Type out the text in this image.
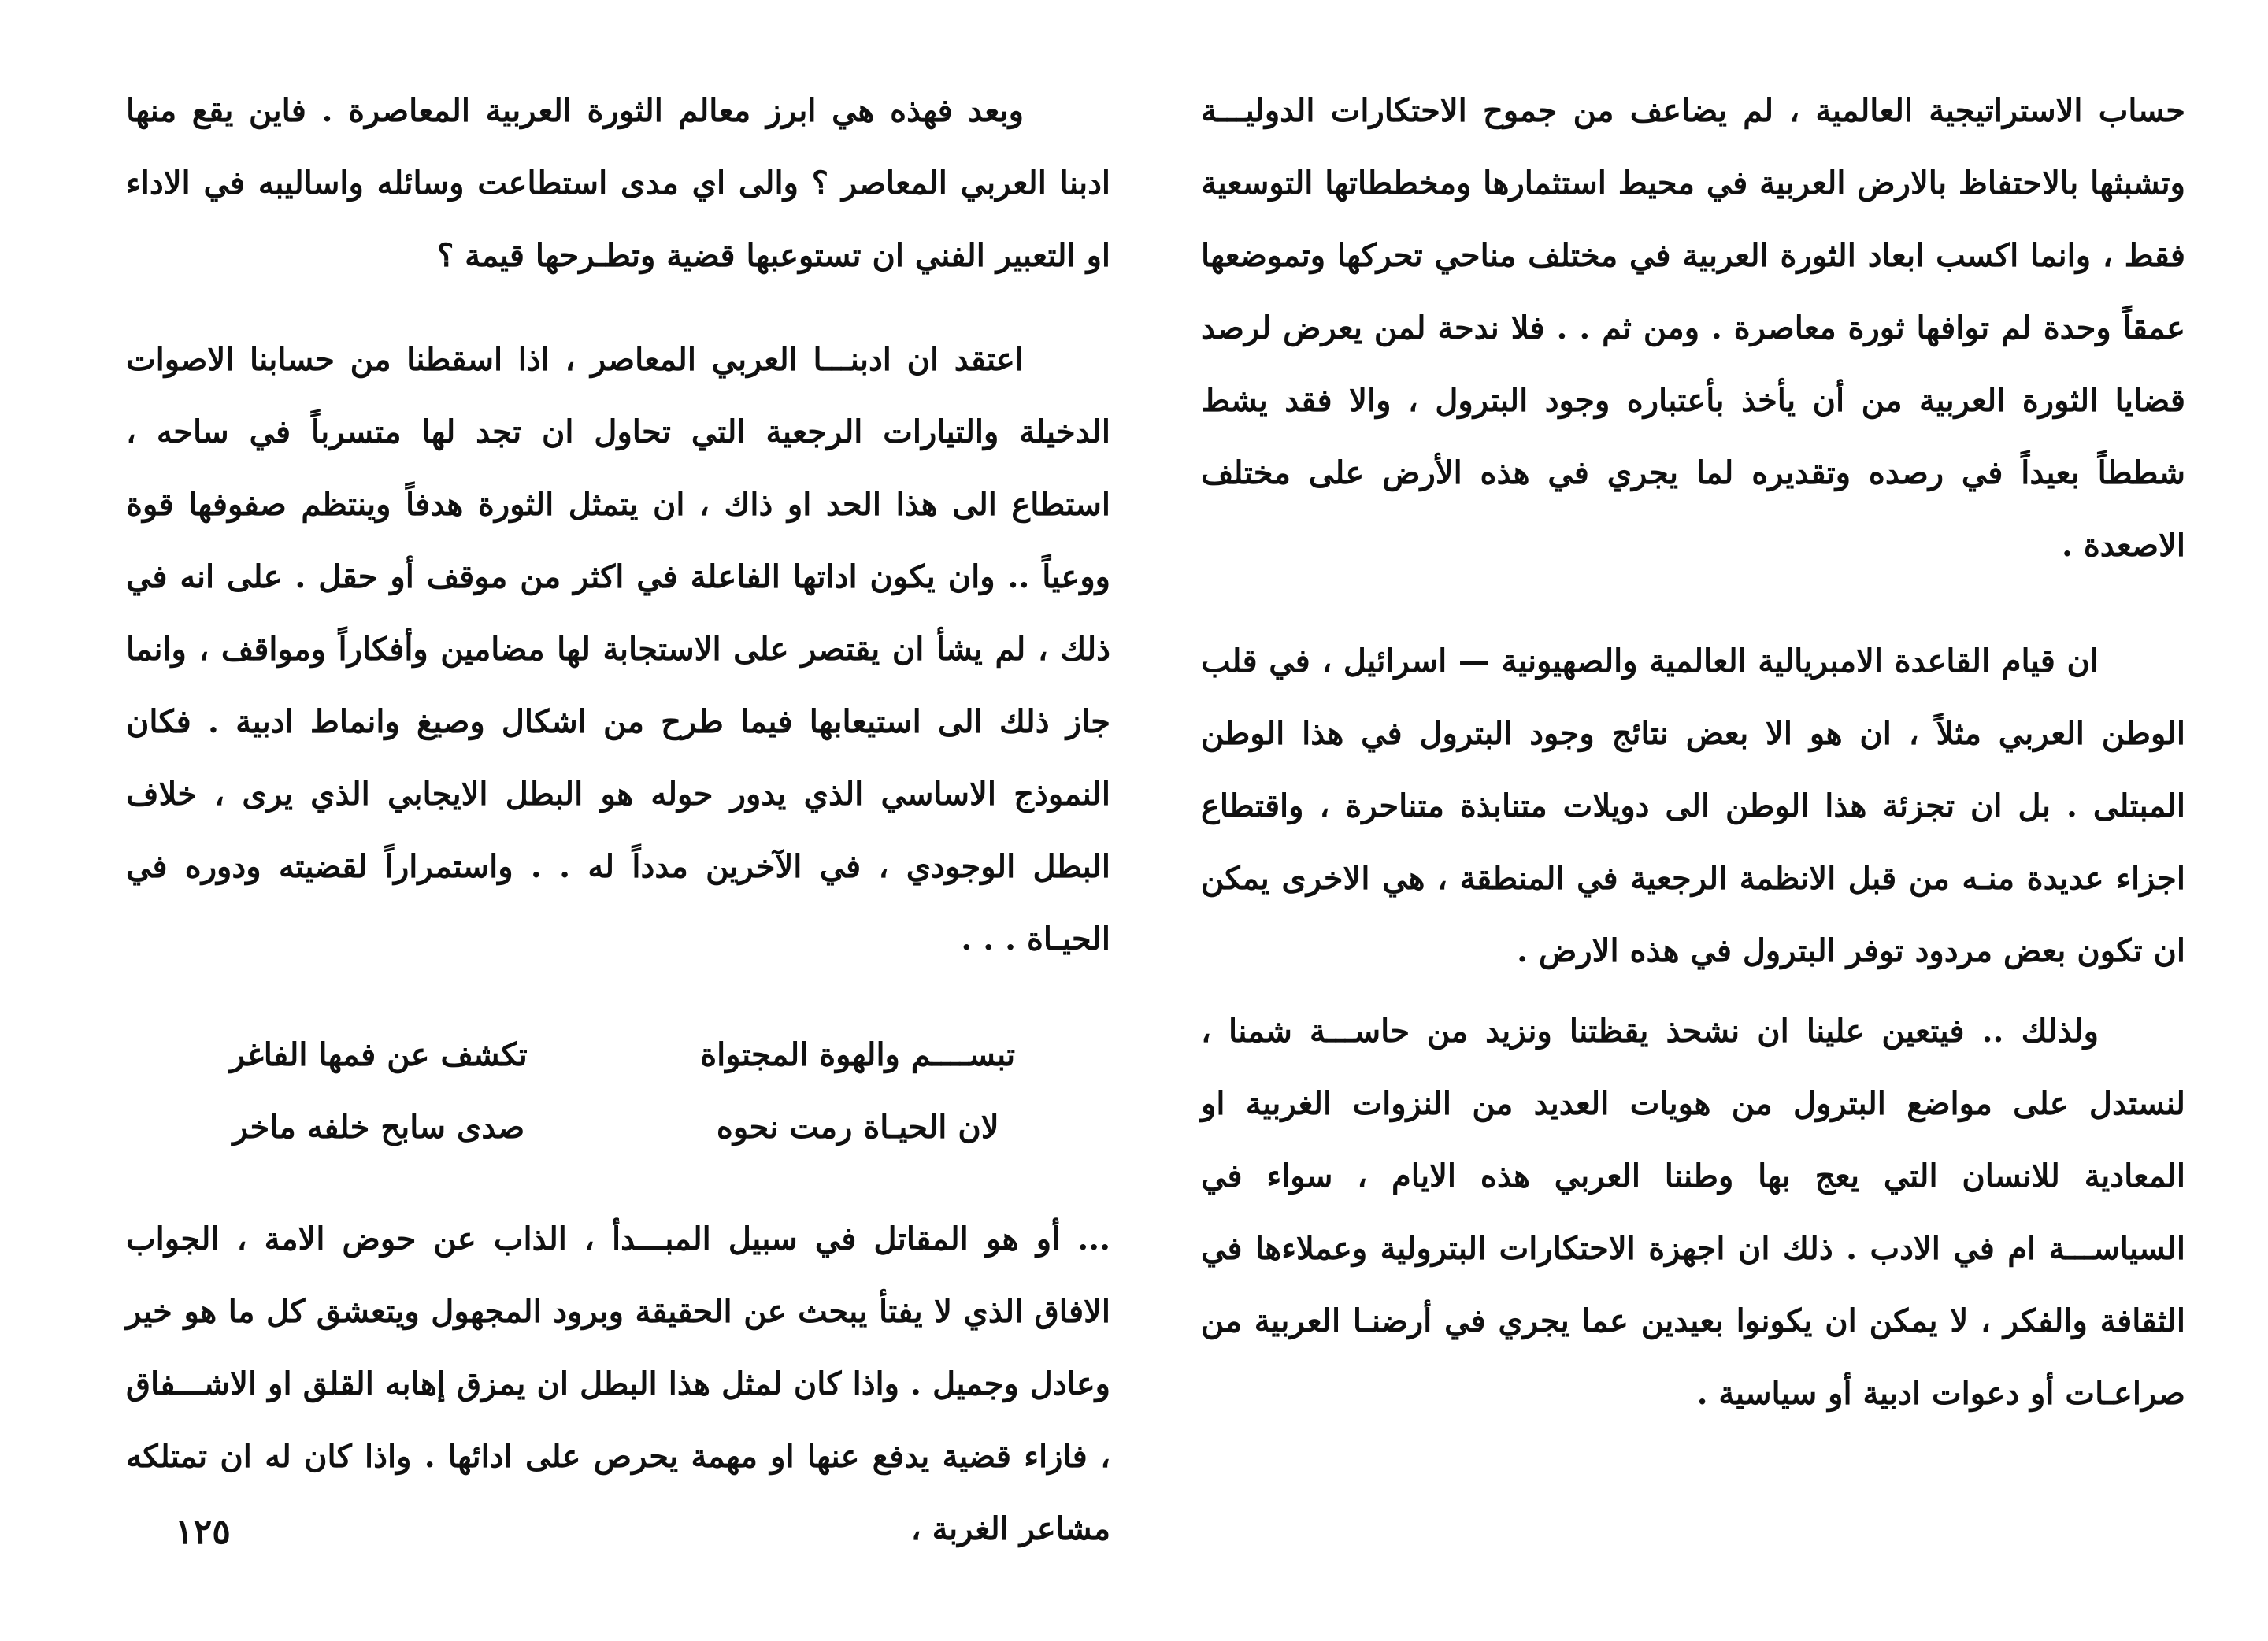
حساب الاستراتيجية العالمية ، لم يضاعف من جموح الاحتكارات الدوليـــة وتشبثها بالاحتفاظ بالارض العربية في محيط استثمارها ومخططاتها التوسعية فقط ، وانما اكسب ابعاد الثورة العربية في مختلف مناحي تحركها وتموضعها عمقاً وحدة لم توافها ثورة معاصرة . ومن ثم . . فلا ندحة لمن يعرض لرصد قضايا الثورة العربية من أن يأخذ بأعتباره وجود البترول ، والا فقد يشط شططاً بعيداً في رصده وتقديره لما يجري في هذه الأرض على مختلف الاصعدة .

ان قيام القاعدة الامبريالية العالمية والصهيونية — اسرائيل ، في قلب الوطن العربي مثلاً ، ان هو الا بعض نتائج وجود البترول في هذا الوطن المبتلى . بل ان تجزئة هذا الوطن الى دويلات متنابذة متناحرة ، واقتطاع اجزاء عديدة منـه من قبل الانظمة الرجعية في المنطقة ، هي الاخرى يمكن ان تكون بعض مردود توفر البترول في هذه الارض .

ولذلك .. فيتعين علينا ان نشحذ يقظتنا ونزيد من حاســـة شمنا ، لنستدل على مواضع البترول من هويات العديد من النزوات الغربية او المعادية للانسان التي يعج بها وطننا العربي هذه الايام ، سواء في السياســـة ام في الادب . ذلك ان اجهزة الاحتكارات البترولية وعملاءها في الثقافة والفكر ، لا يمكن ان يكونوا بعيدين عما يجري في أرضنـا العربية من صراعـات أو دعوات ادبية أو سياسية .

وبعد فهذه هي ابرز معالم الثورة العربية المعاصرة . فاين يقع منها ادبنا العربي المعاصر ؟ والى اي مدى استطاعت وسائله واساليبه في الاداء او التعبير الفني ان تستوعبها قضية وتطـرحها قيمة ؟

اعتقد ان ادبنـــا العربي المعاصر ، اذا اسقطنا من حسابنا الاصوات الدخيلة والتيارات الرجعية التي تحاول ان تجد لها متسرباً في ساحه ، استطاع الى هذا الحد او ذاك ، ان يتمثل الثورة هدفاً وينتظم صفوفها قوة ووعياً .. وان يكون اداتها الفاعلة في اكثر من موقف أو حقل . على انه في ذلك ، لم يشأ ان يقتصر على الاستجابة لها مضامين وأفكاراً ومواقف ، وانما جاز ذلك الى استيعابها فيما طرح من اشكال وصيغ وانماط ادبية . فكان النموذج الاساسي الذي يدور حوله هو البطل الايجابي الذي يرى ، خلاف البطل الوجودي ، في الآخرين مدداً له . . واستمراراً لقضيته ودوره في الحيـاة . . .

تبســــم والهوة المجتواة
تكشف عن فمها الفاغر
لان الحيـاة رمت نحوه
صدى سابح خلفه ماخر

... أو هو المقاتل في سبيل المبـــدأ ، الذاب عن حوض الامة ، الجواب الافاق الذي لا يفتأ يبحث عن الحقيقة وبرود المجهول ويتعشق كل ما هو خير وعادل وجميل . واذا كان لمثل هذا البطل ان يمزق إهابه القلق او الاشـــفاق ، فازاء قضية يدفع عنها او مهمة يحرص على ادائها . واذا كان له ان تمتلكه مشاعر الغربة ،

١٢٥
